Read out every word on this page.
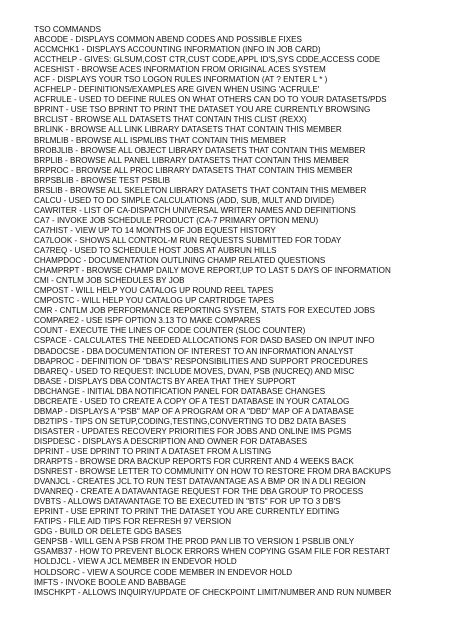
TSO COMMANDS
ABCODE - DISPLAYS COMMON ABEND CODES AND POSSIBLE FIXES
ACCMCHK1 - DISPLAYS ACCOUNTING INFORMATION (INFO IN JOB CARD)
ACCTHELP - GIVES: GLSUM,COST CTR,CUST CODE,APPL ID'S,SYS CDDE,ACCESS CODE
ACESHIST - BROWSE ACES INFORMATION FROM ORIGINAL ACES SYSTEM
ACF - DISPLAYS YOUR TSO LOGON RULES INFORMATION (AT ? ENTER L * )
ACFHELP - DEFINITIONS/EXAMPLES ARE GIVEN WHEN USING 'ACFRULE'
ACFRULE - USED TO DEFINE RULES ON WHAT OTHERS CAN DO TO YOUR DATASETS/PDS
BPRINT - USE TSO BPRINT TO PRINT THE DATASET YOU ARE CURRENTLY BROWSING
BRCLIST - BROWSE ALL DATASETS THAT CONTAIN THIS CLIST (REXX)
BRLINK - BROWSE ALL LINK LIBRARY DATASETS THAT CONTAIN THIS MEMBER
BRLMLIB - BROWSE ALL ISPMLIBS THAT CONTAIN THIS MEMBER
BROBJLIB - BROWSE ALL OBJECT LIBRARY DATASETS THAT CONTAIN THIS MEMBER
BRPLIB - BROWSE ALL PANEL LIBRARY DATASETS THAT CONTAIN THIS MEMBER
BRPROC - BROWSE ALL PROC LIBRARY DATASETS THAT CONTAIN THIS MEMBER
BRPSBLIB - BROWSE TEST PSBLIB
BRSLIB - BROWSE ALL SKELETON LIBRARY DATASETS THAT CONTAIN THIS MEMBER
CALCU - USED TO DO SIMPLE CALCULATIONS (ADD, SUB, MULT AND DIVIDE)
CAWRITER - LIST OF CA-DISPATCH UNIVERSAL WRITER NAMES AND DEFINITIONS
CA7 - INVOKE JOB SCHEDULE PRODUCT (CA-7 PRIMARY OPTION MENU)
CA7HIST - VIEW UP TO 14 MONTHS OF JOB EQUEST HISTORY
CA7LOOK - SHOWS ALL CONTROL-M RUN REQUESTS SUBMITTED FOR TODAY
CA7REQ - USED TO SCHEDULE HOST JOBS AT AUBRUN HILLS
CHAMPDOC - DOCUMENTATION OUTLINING CHAMP RELATED QUESTIONS
CHAMPRPT - BROWSE CHAMP DAILY MOVE REPORT,UP TO LAST 5 DAYS OF INFORMATION
CMI - CNTLM JOB SCHEDULES BY JOB
CMPOST - WILL HELP YOU CATALOG UP ROUND REEL TAPES
CMPOSTC - WILL HELP YOU CATALOG UP CARTRIDGE TAPES
CMR - CNTLM JOB PERFORMANCE REPORTING SYSTEM, STATS FOR EXECUTED JOBS
COMPARE2 - USE ISPF OPTION 3.13 TO MAKE COMPARES
COUNT - EXECUTE THE LINES OF CODE COUNTER (SLOC COUNTER)
CSPACE - CALCULATES THE NEEDED ALLOCATIONS FOR DASD BASED ON INPUT INFO
DBADOCSE - DBA DOCUMENTATION OF INTEREST TO AN INFORMATION ANALYST
DBAPROC - DEFINITION OF "DBA'S" RESPONSIBILITIES AND SUPPORT PROCEDURES
DBAREQ - USED TO REQUEST: INCLUDE MOVES, DVAN, PSB (NUCREQ) AND MISC
DBASE - DISPLAYS DBA CONTACTS BY AREA THAT THEY SUPPORT
DBCHANGE - INITIAL DBA NOTIFICATION PANEL FOR DATABASE CHANGES
DBCREATE - USED TO CREATE A COPY OF A TEST DATABASE IN YOUR CATALOG
DBMAP - DISPLAYS A "PSB" MAP OF A PROGRAM OR A "DBD" MAP OF A DATABASE
DB2TIPS - TIPS ON SETUP,CODING,TESTING,CONVERTING TO DB2 DATA BASES
DISASTER - UPDATES RECOVERY PRIORITIES FOR JOBS AND ONLINE IMS PGMS
DISPDESC - DISPLAYS A DESCRIPTION AND OWNER FOR DATABASES
DPRINT - USE DPRINT TO PRINT A DATASET FROM A LISTING
DRARPTS - BROWSE DRA BACKUP REPORTS FOR CURRENT AND 4 WEEKS BACK
DSNREST - BROWSE LETTER TO COMMUNITY ON HOW TO RESTORE FROM DRA BACKUPS
DVANJCL - CREATES JCL TO RUN TEST DATAVANTAGE AS A BMP OR IN A DLI REGION
DVANREQ - CREATE A DATAVANTAGE REQUEST FOR THE DBA GROUP TO PROCESS
DVBTS - ALLOWS DATAVANTAGE TO BE EXECUTED IN "BTS" FOR UP TO 3 DB'S
EPRINT - USE EPRINT TO PRINT THE DATASET YOU ARE CURRENTLY EDITING
FATIPS - FILE AID TIPS FOR REFRESH 97 VERSION
GDG - BUILD OR DELETE GDG BASES
GENPSB - WILL GEN A PSB FROM THE PROD PAN LIB TO VERSION 1 PSBLIB ONLY
GSAMB37 - HOW TO PREVENT BLOCK ERRORS WHEN COPYING GSAM FILE FOR RESTART
HOLDJCL - VIEW A JCL MEMBER IN ENDEVOR HOLD
HOLDSORC - VIEW A SOURCE CODE MEMBER IN ENDEVOR HOLD
IMFTS - INVOKE BOOLE AND BABBAGE
IMSCHKPT - ALLOWS INQUIRY/UPDATE OF CHECKPOINT LIMIT/NUMBER AND RUN NUMBER
